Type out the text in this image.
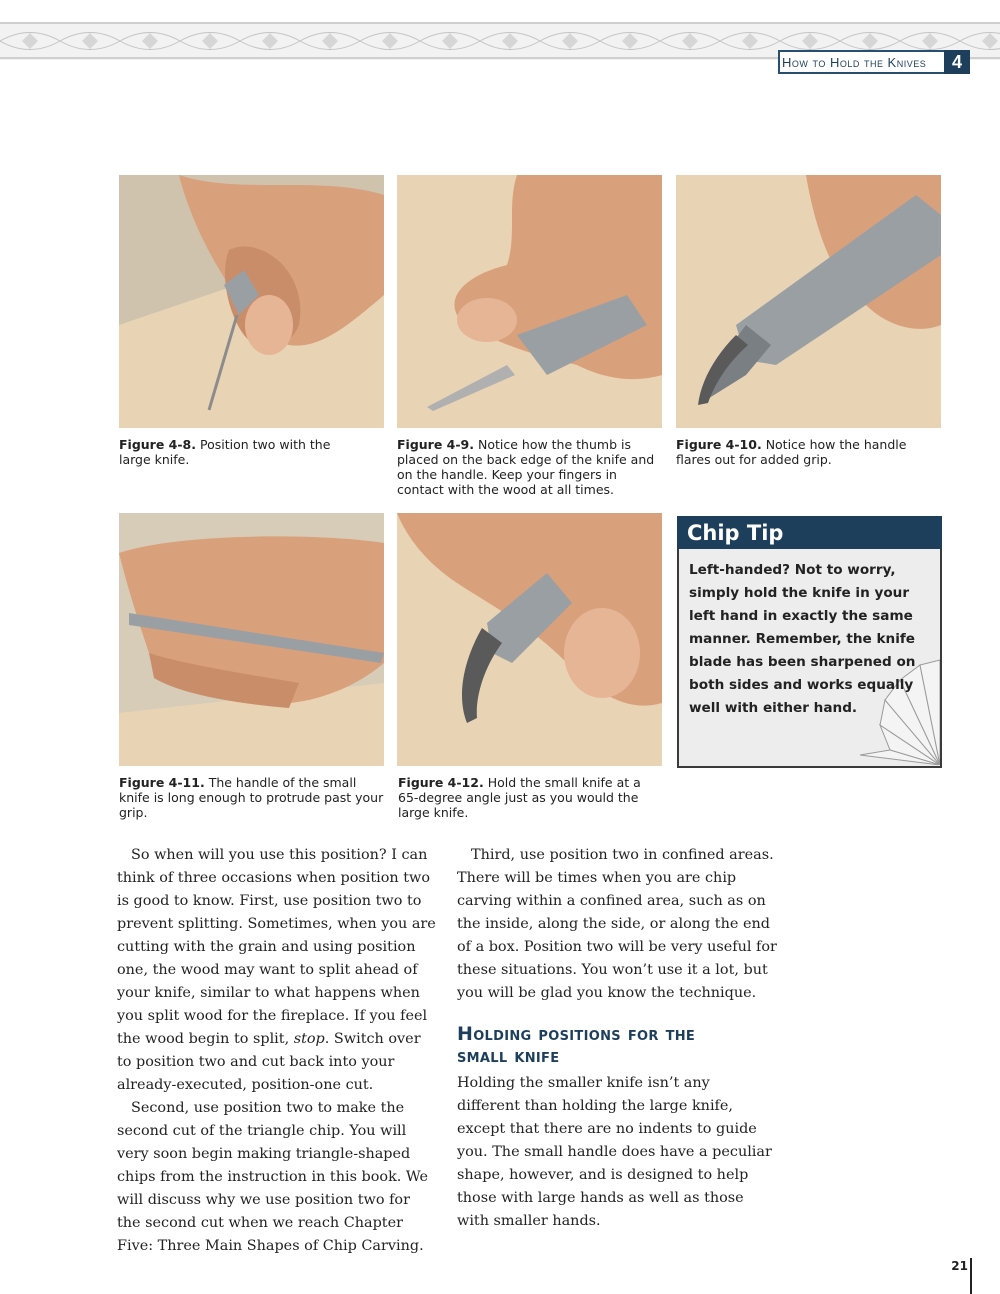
How to Hold the Knives	4
Figure 4-8. Position two with the large knife.
Figure 4-9. Notice how the thumb is placed on the back edge of the knife and on the handle. Keep your fingers in contact with the wood at all times.
Figure 4-10. Notice how the handle flares out for added grip.
Figure 4-11. The handle of the small knife is long enough to protrude past your grip.
Figure 4-12. Hold the small knife at a 65-degree angle just as you would the large knife.
Chip Tip
Left-handed? Not to worry, simply hold the knife in your left hand in exactly the same manner. Remember, the knife blade has been sharpened on both sides and works equally well with either hand.

So when will you use this position? I can think of three occasions when position two is good to know. First, use position two to prevent splitting. Sometimes, when you are cutting with the grain and using position one, the wood may want to split ahead of your knife, similar to what happens when you split wood for the fireplace. If you feel the wood begin to split, stop. Switch over to position two and cut back into your already-executed, position-one cut.

Second, use position two to make the second cut of the triangle chip. You will very soon begin making triangle-shaped chips from the instruction in this book. We will discuss why we use position two for the second cut when we reach Chapter Five: Three Main Shapes of Chip Carving.

Third, use position two in confined areas. There will be times when you are chip carving within a confined area, such as on the inside, along the side, or along the end of a box. Position two will be very useful for these situations. You won’t use it a lot, but you will be glad you know the technique.

Holding positions for the
small knife

Holding the smaller knife isn’t any different than holding the large knife, except that there are no indents to guide you. The small handle does have a peculiar shape, however, and is designed to help those with large hands as well as those with smaller hands.

21
